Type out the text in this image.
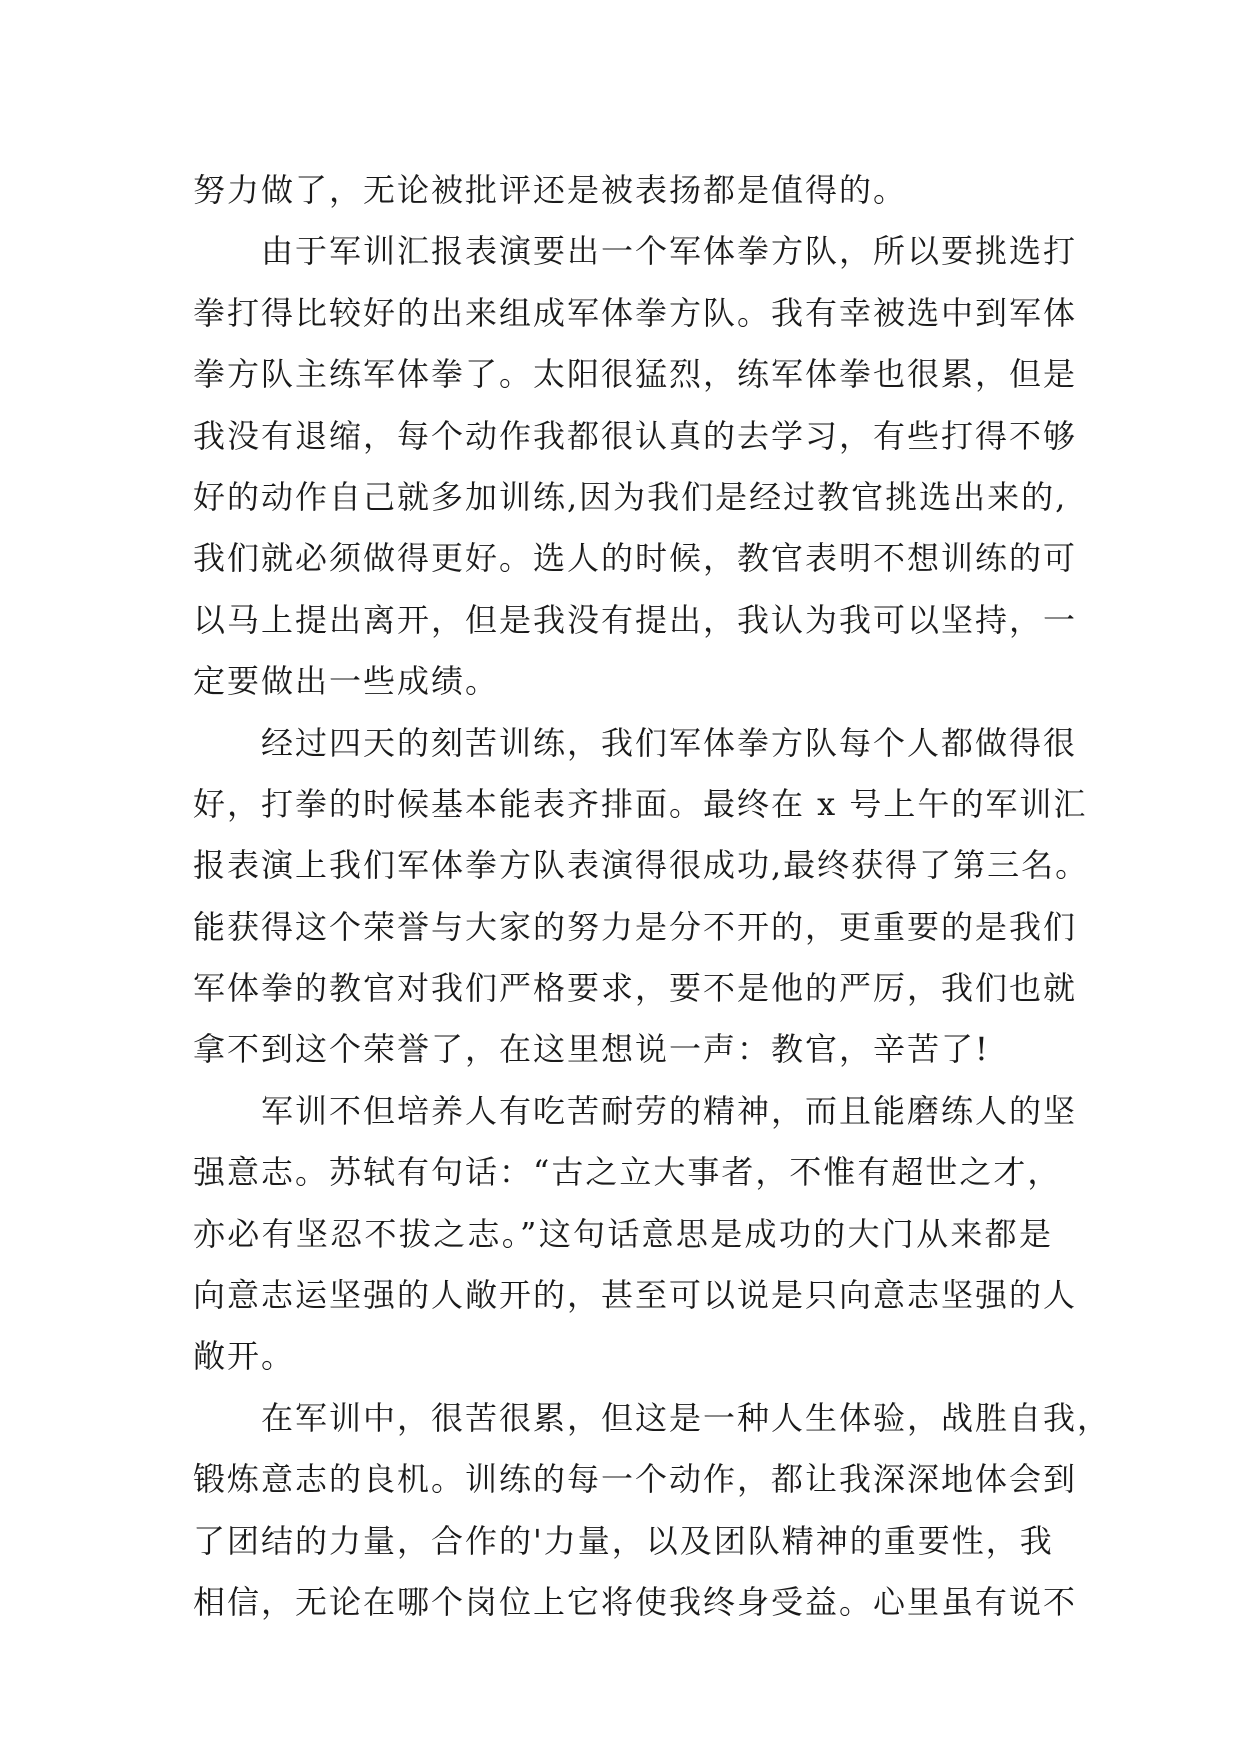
努力做了，无论被批评还是被表扬都是值得的。
由于军训汇报表演要出一个军体拳方队，所以要挑选打
拳打得比较好的出来组成军体拳方队。我有幸被选中到军体
拳方队主练军体拳了。太阳很猛烈，练军体拳也很累，但是
我没有退缩，每个动作我都很认真的去学习，有些打得不够
好的动作自己就多加训练,因为我们是经过教官挑选出来的,
我们就必须做得更好。选人的时候，教官表明不想训练的可
以马上提出离开，但是我没有提出，我认为我可以坚持，一
定要做出一些成绩。
经过四天的刻苦训练，我们军体拳方队每个人都做得很
好，打拳的时候基本能表齐排面。最终在 x 号上午的军训汇
报表演上我们军体拳方队表演得很成功,最终获得了第三名。
能获得这个荣誉与大家的努力是分不开的，更重要的是我们
军体拳的教官对我们严格要求，要不是他的严厉，我们也就
拿不到这个荣誉了，在这里想说一声：教官，辛苦了!
军训不但培养人有吃苦耐劳的精神，而且能磨练人的坚
强意志。苏轼有句话：“古之立大事者，不惟有超世之才，
亦必有坚忍不拔之志。”这句话意思是成功的大门从来都是
向意志运坚强的人敞开的，甚至可以说是只向意志坚强的人
敞开。
在军训中，很苦很累，但这是一种人生体验，战胜自我，
锻炼意志的良机。训练的每一个动作，都让我深深地体会到
了团结的力量，合作的'力量，以及团队精神的重要性，我
相信，无论在哪个岗位上它将使我终身受益。心里虽有说不
